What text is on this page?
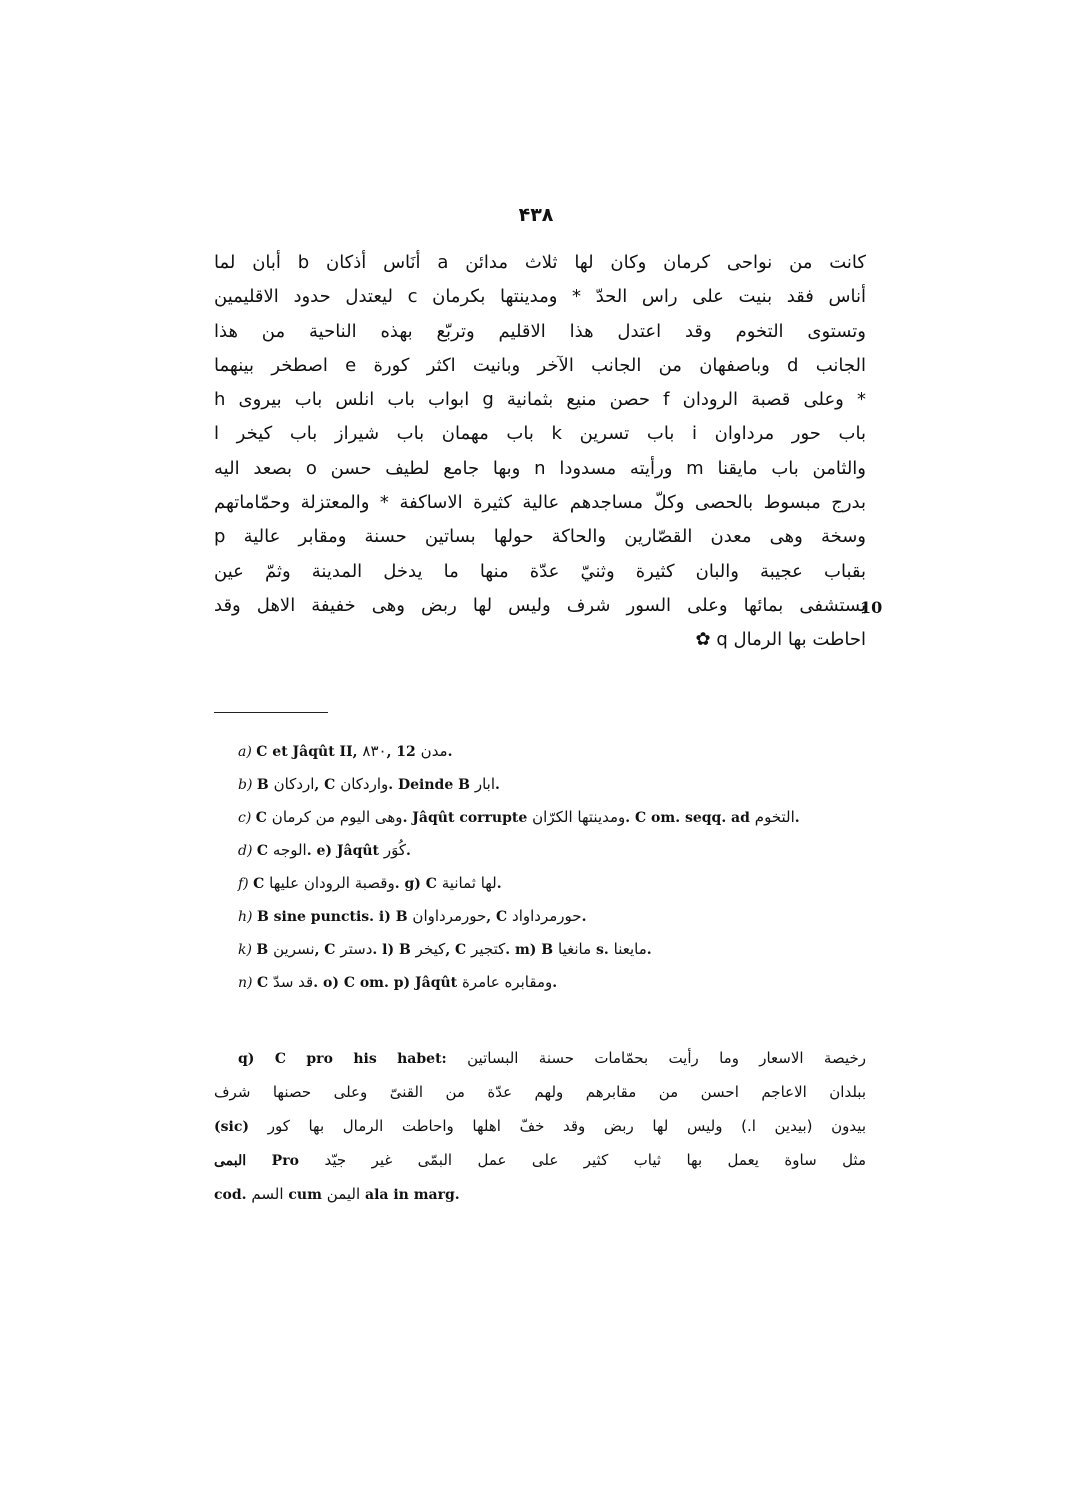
۴۳۸
كانت من نواحى كرمان وكان لها ثلاث مدائن a أنَاس أذكان b أبان لما
أناس فقد بنيت على راس الحدّ * ومدينتها بكرمان c ليعتدل حدود الاقليمين
وتستوى التخوم وقد اعتدل هذا الاقليم وتربّع بهذه الناحية من هذا
الجانب d وباصفهان من الجانب الآخر وبانيت اكثر كورة e اصطخر بينهما
* وعلى قصبة الرودان f حصن منيع بثمانية g ابواب باب انلس باب بيروى h
باب حور مرداوان i باب تسرين k باب مهمان باب شيراز باب كيخر l
والثامن باب مايقنا m ورأيته مسدودا n وبها جامع لطيف حسن o بصعد اليه
بدرج مبسوط بالحصى وكلّ مساجدهم عالية كثيرة الاساكفة * والمعتزلة وحمّاماتهم
وسخة وهى معدن القصّارين والحاكة حولها بساتين حسنة ومقابر عالية p
بقباب عجيبة والبان كثيرة وثنيّ عدّة منها ما يدخل المدينة وثمّ عين
يستشفى بمائها وعلى السور شرف وليس لها ربض وهى خفيفة الاهل وقد
احاطت بها الرمال q ✿
10
a) C et Jâqût II, ۸۳۰, 12 مدن.
b) B اردكان, C واردكان. Deinde B ابار.
c) C وهى اليوم من كرمان. Jâqût corrupte ومدينتها الكرّان. C om. seqq. ad التخوم.
d) C الوجه. e) Jâqût كُوَر.
f) C وقصبة الرودان عليها. g) C لها ثمانية.
h) B sine punctis. i) B حورمرداوان, C حورمرداواد.
k) B نسرين, C دستر. l) B كيخر, C كتجير. m) B مانغيا s. مايعنا.
n) C قد سدّ. o) C om. p) Jâqût ومقابره عامرة.
q) C pro his habet: رخيصة الاسعار وما رأيت بحمّامات حسنة البساتين
ببلدان الاعاجم احسن من مقابرهم ولهم عدّة من القنىّ وعلى حصنها شرف
(sic) بيدون (بيدين l.) وليس لها ربض وقد خفّ اهلها واحاطت الرمال بها كور
البمى Pro مثل ساوة يعمل بها ثياب كثير على عمل البمّى غير جيّد
cod. السم cum اليمن ala in marg.
